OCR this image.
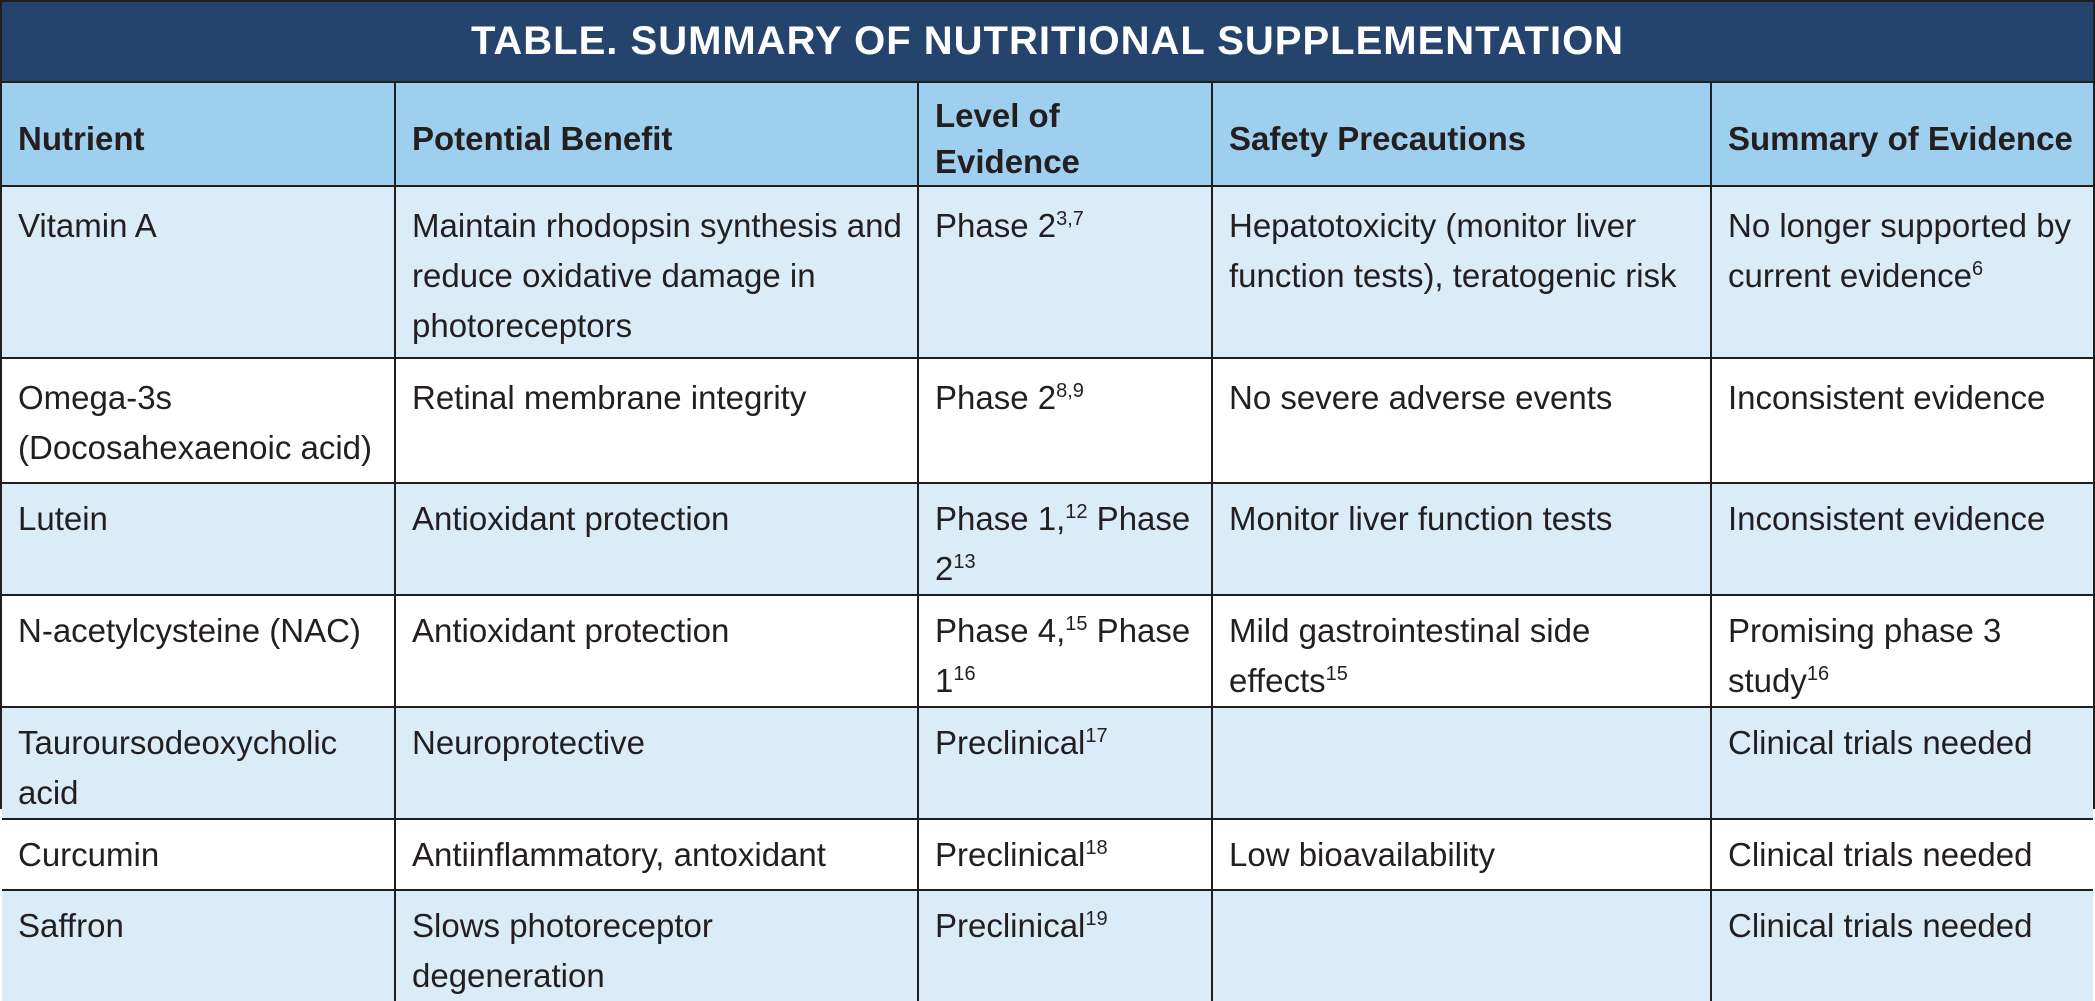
TABLE. SUMMARY OF NUTRITIONAL SUPPLEMENTATION
Nutrient	Potential Benefit	Level of Evidence	Safety Precautions	Summary of Evidence
Vitamin A	Maintain rhodopsin synthesis and reduce oxidative damage in photoreceptors	Phase 2$^{3,7}$	Hepatotoxicity (monitor liver function tests), teratogenic risk	No longer supported by current evidence$^6$
Omega-3s (Docosahexaenoic acid)	Retinal membrane integrity	Phase 2$^{8,9}$	No severe adverse events	Inconsistent evidence
Lutein	Antioxidant protection	Phase 1,12 Phase $2^{13}$	Monitor liver function tests	Inconsistent evidence
N-acetylcysteine (NAC)	Antioxidant protection	Phase 4,15 Phase $1^{16}$	Mild gastrointestinal side effects$^{15}$	Promising phase 3 study$^{16}$
Tauroursodeoxycholic acid	Neuroprotective	Preclinical$^{17}$		Clinical trials needed
Curcumin	Antiinflammatory, antoxidant	Preclinical$^{18}$	Low bioavailability	Clinical trials needed
Saffron	Slows photoreceptor degeneration	Preclinical$^{19}$		Clinical trials needed
